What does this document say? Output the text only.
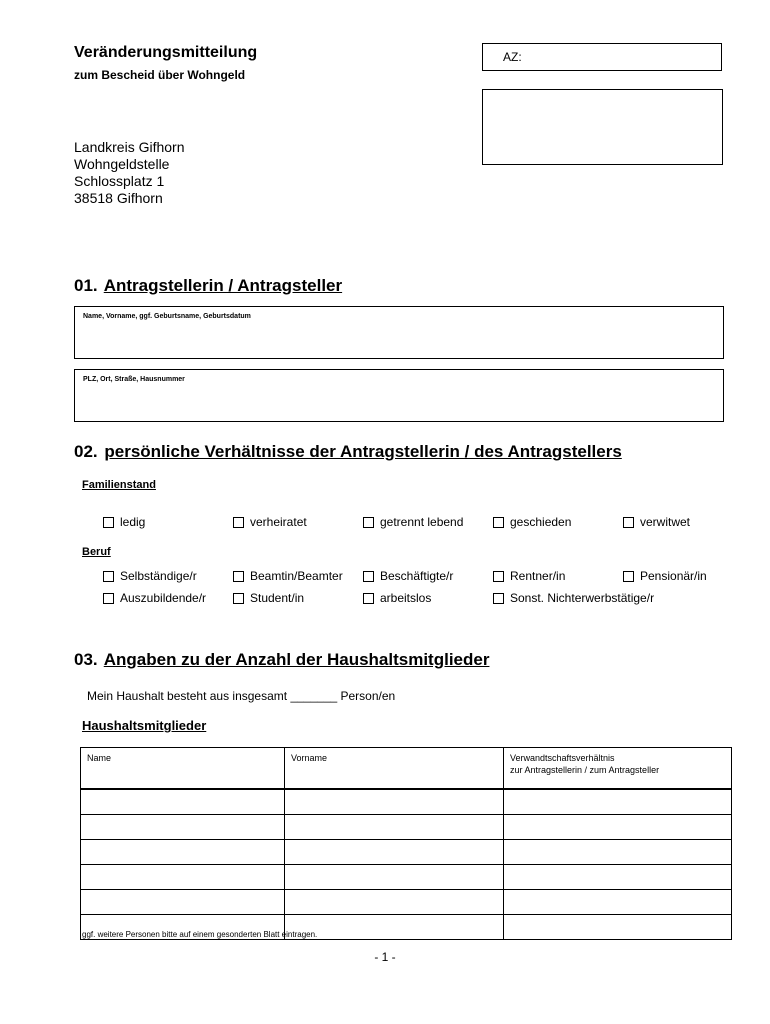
Veränderungsmitteilung
zum Bescheid über Wohngeld
AZ:
Landkreis Gifhorn
Wohngeldstelle
Schlossplatz 1
38518 Gifhorn
01. Antragstellerin / Antragsteller
Name, Vorname, ggf. Geburtsname, Geburtsdatum
PLZ, Ort, Straße, Hausnummer
02. persönliche Verhältnisse der Antragstellerin / des Antragstellers
Familienstand
ledig	verheiratet	getrennt lebend	geschieden	verwitwet
Beruf
Selbständige/r	Beamtin/Beamter	Beschäftigte/r	Rentner/in	Pensionär/in
Auszubildende/r	Student/in	arbeitslos	Sonst. Nichterwerbstätige/r
03. Angaben zu der Anzahl der Haushaltsmitglieder
Mein Haushalt besteht aus insgesamt _______ Person/en
Haushaltsmitglieder
Name	Vorname	Verwandtschaftsverhältnis
zur Antragstellerin / zum Antragsteller

ggf. weitere Personen bitte auf einem gesonderten Blatt eintragen.
- 1 -
